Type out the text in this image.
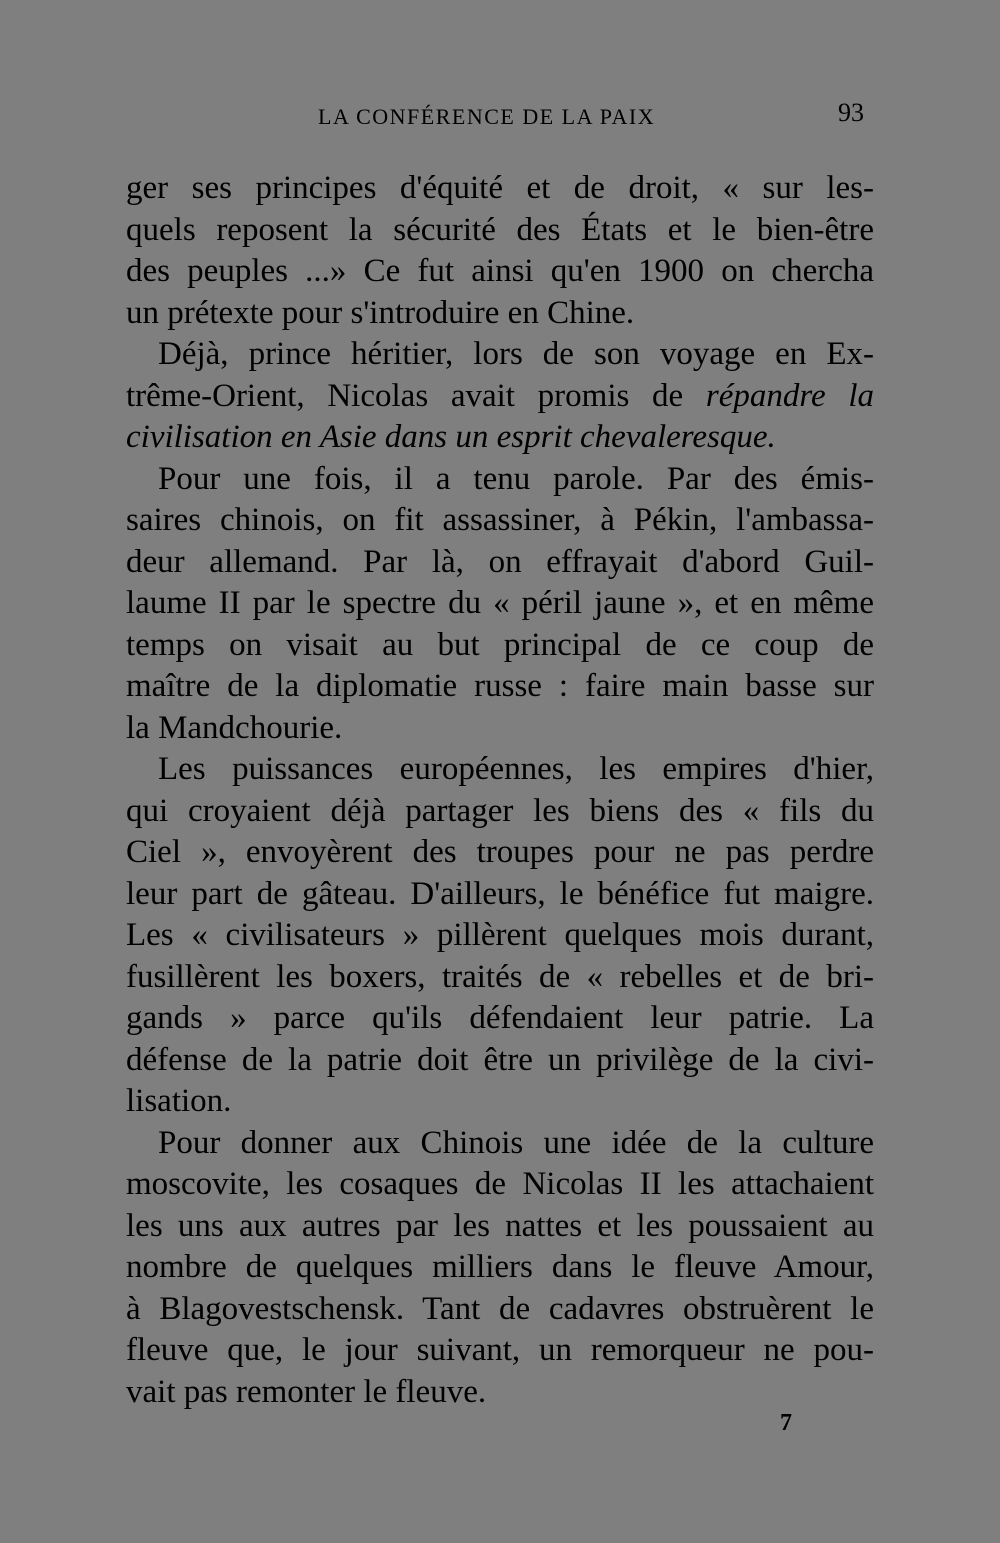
LA CONFÉRENCE DE LA PAIX	93
ger ses principes d'équité et de droit, « sur les-
quels reposent la sécurité des États et le bien-être
des peuples ...» Ce fut ainsi qu'en 1900 on chercha
un prétexte pour s'introduire en Chine.
Déjà, prince héritier, lors de son voyage en Ex-
trême-Orient, Nicolas avait promis de répandre la
civilisation en Asie dans un esprit chevaleresque.
Pour une fois, il a tenu parole. Par des émis-
saires chinois, on fit assassiner, à Pékin, l'ambassa-
deur allemand. Par là, on effrayait d'abord Guil-
laume II par le spectre du « péril jaune », et en même
temps on visait au but principal de ce coup de
maître de la diplomatie russe : faire main basse sur
la Mandchourie.
Les puissances européennes, les empires d'hier,
qui croyaient déjà partager les biens des « fils du
Ciel », envoyèrent des troupes pour ne pas perdre
leur part de gâteau. D'ailleurs, le bénéfice fut maigre.
Les « civilisateurs » pillèrent quelques mois durant,
fusillèrent les boxers, traités de « rebelles et de bri-
gands » parce qu'ils défendaient leur patrie. La
défense de la patrie doit être un privilège de la civi-
lisation.
Pour donner aux Chinois une idée de la culture
moscovite, les cosaques de Nicolas II les attachaient
les uns aux autres par les nattes et les poussaient au
nombre de quelques milliers dans le fleuve Amour,
à Blagovestschensk. Tant de cadavres obstruèrent le
fleuve que, le jour suivant, un remorqueur ne pou-
vait pas remonter le fleuve.
7
